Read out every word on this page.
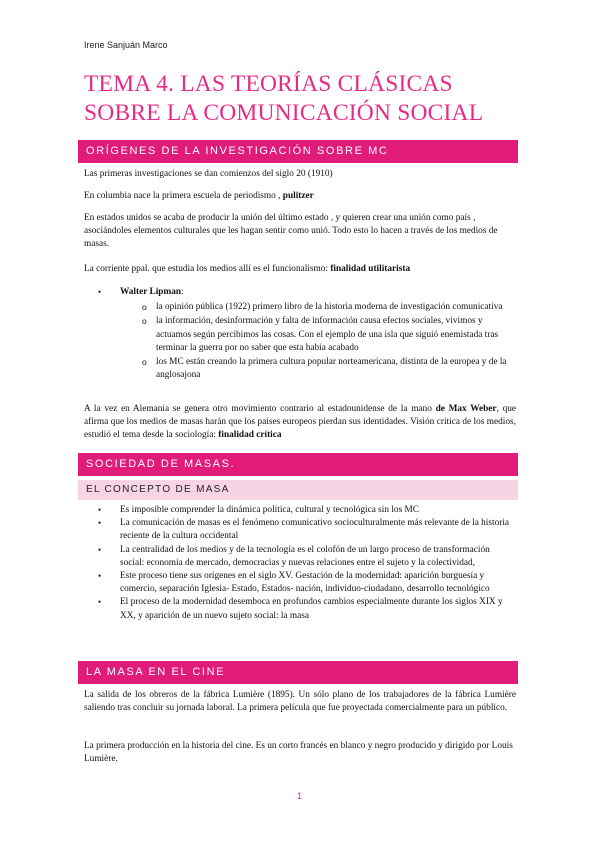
Irene Sanjuán Marco
TEMA 4. LAS TEORÍAS CLÁSICAS
SOBRE LA COMUNICACIÓN SOCIAL
ORÍGENES DE LA INVESTIGACIÓN SOBRE MC
Las primeras investigaciones se dan comienzos del siglo 20 (1910)
En columbia nace la primera escuela de periodismo , pulitzer
En estados unidos se acaba de producir la unión del último estado , y quieren crear una unión como país , asociándoles elementos culturales que les hagan sentir como unió. Todo esto lo hacen a través de los medios de masas.
La corriente ppal. que estudia los medios allí es el funcionalismo: finalidad utilitarista
• Walter Lipman:
o la opinión pública (1922) primero libro de la historia moderna de investigación comunicativa
o la información, desinformación y falta de información causa efectos sociales, vivimos y actuamos según percibimos las cosas. Con el ejemplo de una isla que siguió enemistada tras terminar la guerra por no saber que esta había acabado
o los MC están creando la primera cultura popular norteamericana, distinta de la europea y de la anglosajona
A la vez en Alemania se genera otro movimiento contrario al estadounidense de la mano de Max Weber, que afirma que los medios de masas harán que los países europeos pierdan sus identidades. Visión crítica de los medios, estudió el tema desde la sociología: finalidad crítica
SOCIEDAD DE MASAS.
EL CONCEPTO DE MASA
• Es imposible comprender la dinámica política, cultural y tecnológica sin los MC
• La comunicación de masas es el fenómeno comunicativo socioculturalmente más relevante de la historia reciente de la cultura occidental
• La centralidad de los medios y de la tecnología es el colofón de un largo proceso de transformación social: economía de mercado, democracias y nuevas relaciones entre el sujeto y la colectividad,
• Este proceso tiene sus orígenes en el siglo XV. Gestación de la modernidad: aparición burguesía y comercio, separación Iglesia- Estado, Estados- nación, individuo-ciudadano, desarrollo tecnológico
• El proceso de la modernidad desemboca en profundos cambios especialmente durante los siglos XIX y XX, y aparición de un nuevo sujeto social: la masa
LA MASA EN EL CINE
La salida de los obreros de la fábrica Lumière (1895). Un sólo plano de los trabajadores de la fábrica Lumière saliendo tras concluir su jornada laboral. La primera película que fue proyectada comercialmente para un público.
La primera producción en la historia del cine. Es un corto francés en blanco y negro producido y dirigido por Louis Lumière.
1
